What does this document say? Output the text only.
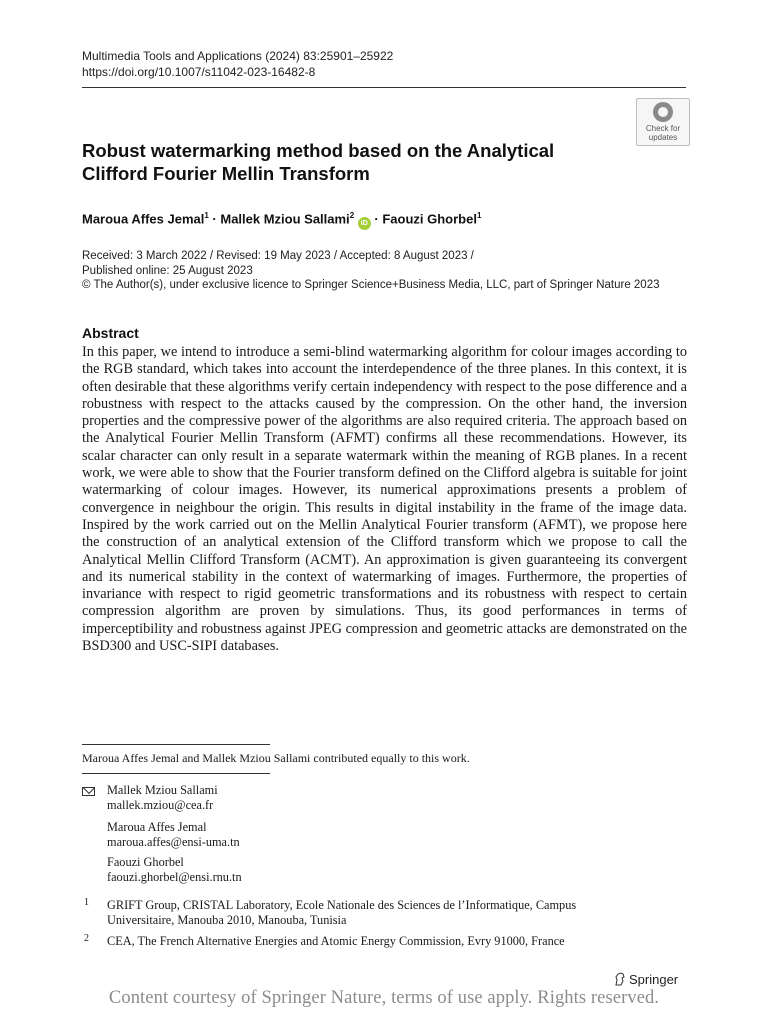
Multimedia Tools and Applications (2024) 83:25901–25922
https://doi.org/10.1007/s11042-023-16482-8
Check for
updates
Robust watermarking method based on the Analytical
Clifford Fourier Mellin Transform
Maroua Affes Jemal$^1$ · Mallek Mziou Sallami$^2$ iD · Faouzi Ghorbel$^1$
Received: 3 March 2022 / Revised: 19 May 2023 / Accepted: 8 August 2023 /
Published online: 25 August 2023
© The Author(s), under exclusive licence to Springer Science+Business Media, LLC, part of Springer Nature 2023
Abstract
In this paper, we intend to introduce a semi-blind watermarking algorithm for colour images according to the RGB standard, which takes into account the interdependence of the three planes. In this context, it is often desirable that these algorithms verify certain independency with respect to the pose difference and a robustness with respect to the attacks caused by the compression. On the other hand, the inversion properties and the compressive power of the algorithms are also required criteria. The approach based on the Analytical Fourier Mellin Transform (AFMT) confirms all these recommendations. However, its scalar character can only result in a separate watermark within the meaning of RGB planes. In a recent work, we were able to show that the Fourier transform defined on the Clifford algebra is suitable for joint watermarking of colour images. However, its numerical approximations presents a problem of convergence in neighbour the origin. This results in digital instability in the frame of the image data. Inspired by the work carried out on the Mellin Analytical Fourier transform (AFMT), we propose here the construction of an analytical extension of the Clifford transform which we propose to call the Analytical Mellin Clifford Transform (ACMT). An approximation is given guaranteeing its convergent and its numerical stability in the context of watermarking of images. Furthermore, the properties of invariance with respect to rigid geometric transformations and its robustness with respect to certain compression algorithm are proven by simulations. Thus, its good performances in terms of imperceptibility and robustness against JPEG compression and geometric attacks are demonstrated on the BSD300 and USC-SIPI databases.
Maroua Affes Jemal and Mallek Mziou Sallami contributed equally to this work.
Mallek Mziou Sallami
mallek.mziou@cea.fr
Maroua Affes Jemal
maroua.affes@ensi-uma.tn
Faouzi Ghorbel
faouzi.ghorbel@ensi.rnu.tn
1 GRIFT Group, CRISTAL Laboratory, Ecole Nationale des Sciences de l’Informatique, Campus
Universitaire, Manouba 2010, Manouba, Tunisia
2 CEA, The French Alternative Energies and Atomic Energy Commission, Evry 91000, France
Springer
Content courtesy of Springer Nature, terms of use apply. Rights reserved.
